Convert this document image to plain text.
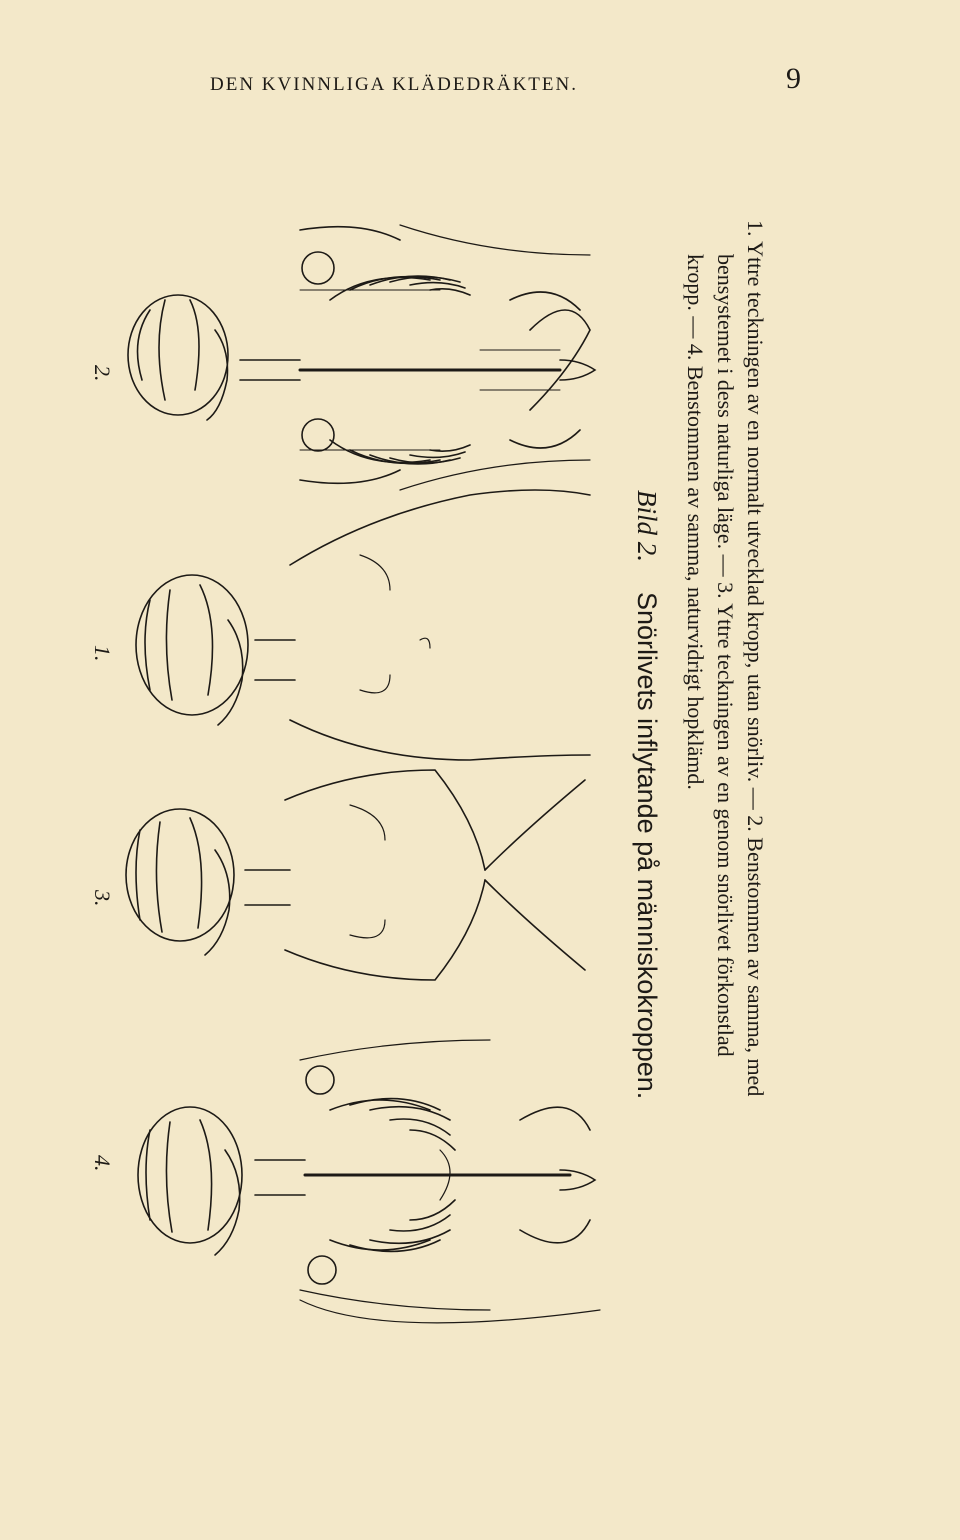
DEN KVINNLIGA KLÄDEDRÄKTEN.	9
4.
3.
1.
2.
Bild 2.    Snörlivets inflytande på människokroppen.	1. Yttre teckningen av en normalt utvecklad kropp, utan snörliv. — 2. Benstommen av samma, med
bensystemet i dess naturliga läge. — 3. Yttre teckningen av en genom snörlivet förkonstlad
kropp. — 4. Benstommen av samma, naturvidrigt hopklämd.
